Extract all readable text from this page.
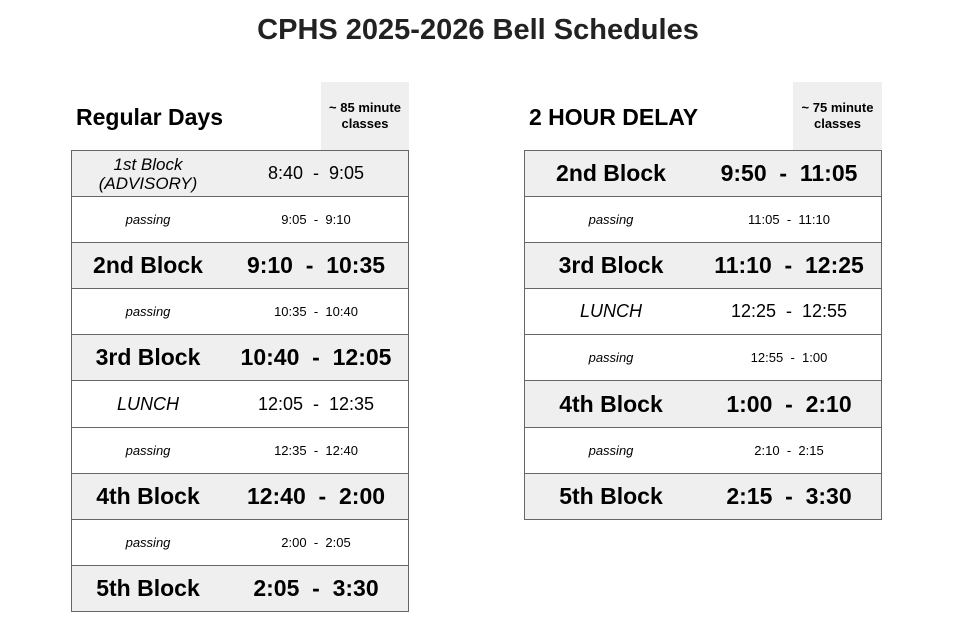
CPHS 2025-2026 Bell Schedules
Regular Days	~ 85 minute
classes
1st Block (ADVISORY)	8:40  -  9:05
passing	9:05  -  9:10
2nd Block	9:10  -  10:35
passing	10:35  -  10:40
3rd Block	10:40  -  12:05
LUNCH	12:05  -  12:35
passing	12:35  -  12:40
4th Block	12:40  -  2:00
passing	2:00  -  2:05
5th Block	2:05  -  3:30
2 HOUR DELAY	~ 75 minute
classes
2nd Block	9:50  -  11:05
passing	11:05  -  11:10
3rd Block	11:10  -  12:25
LUNCH	12:25  -  12:55
passing	12:55  -  1:00
4th Block	1:00  -  2:10
passing	2:10  -  2:15
5th Block	2:15  -  3:30
